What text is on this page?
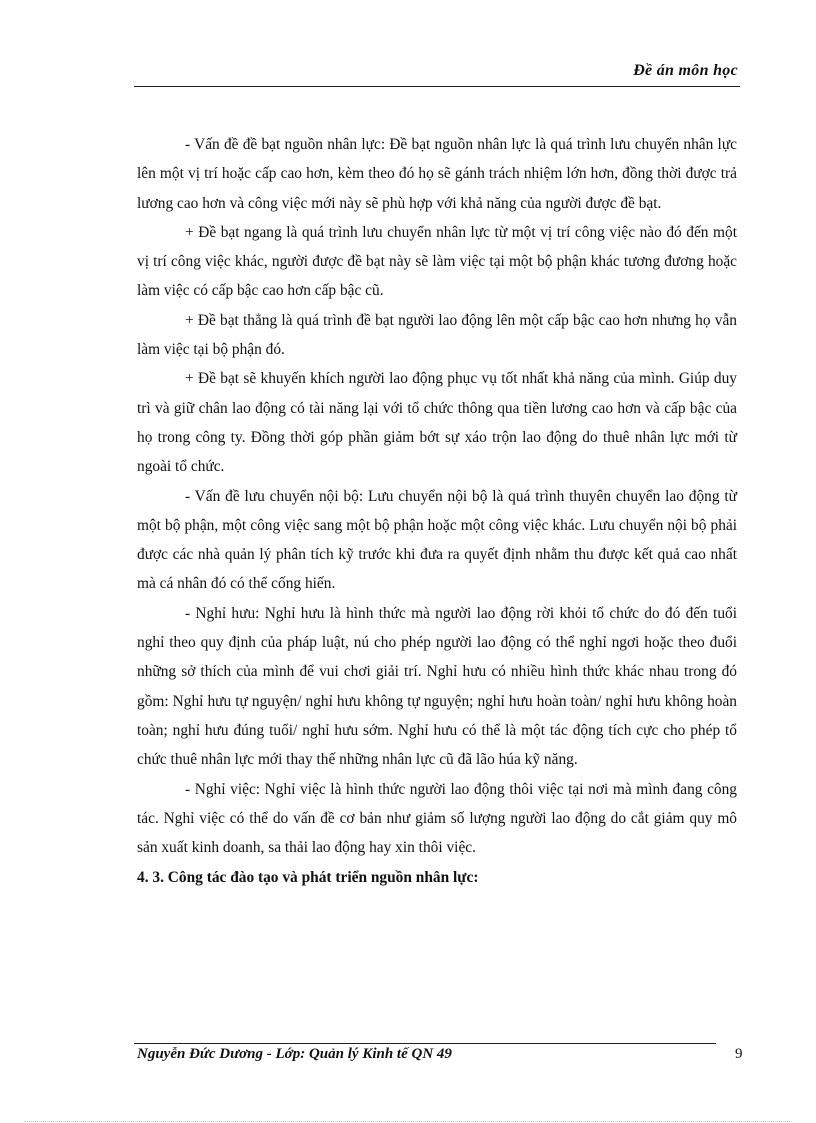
Đề án môn học

- Vấn đề đề bạt nguồn nhân lực: Đề bạt nguồn nhân lực là quá trình lưu chuyển nhân lực lên một vị trí hoặc cấp cao hơn, kèm theo đó họ sẽ gánh trách nhiệm lớn hơn, đồng thời được trả lương cao hơn và công việc mới này sẽ phù hợp với khả năng của người được đề bạt.

+ Đề bạt ngang là quá trình lưu chuyển nhân lực từ một vị trí công việc nào đó đến một vị trí công việc khác, người được đề bạt này sẽ làm việc tại một bộ phận khác tương đương hoặc làm việc có cấp bậc cao hơn cấp bậc cũ.

+ Đề bạt thẳng là quá trình đề bạt người lao động lên một cấp bậc cao hơn nhưng họ vẫn làm việc tại bộ phận đó.

+ Đề bạt sẽ khuyến khích người lao động phục vụ tốt nhất khả năng của mình. Giúp duy trì và giữ chân lao động có tài năng lại với tổ chức thông qua tiền lương cao hơn và cấp bậc của họ trong công ty. Đồng thời góp phần giảm bớt sự xáo trộn lao động do thuê nhân lực mới từ ngoài tổ chức.

- Vấn đề lưu chuyển nội bộ: Lưu chuyển nội bộ là quá trình thuyên chuyển lao động từ một bộ phận, một công việc sang một bộ phận hoặc một công việc khác. Lưu chuyển nội bộ phải được các nhà quản lý phân tích kỹ trước khi đưa ra quyết định nhằm thu được kết quả cao nhất mà cá nhân đó có thể cống hiến.

- Nghỉ hưu: Nghỉ hưu là hình thức mà người lao động rời khỏi tổ chức do đó đến tuổi nghỉ theo quy định của pháp luật, nú cho phép người lao động có thể nghỉ ngơi hoặc theo đuổi những sở thích của mình để vui chơi giải trí. Nghỉ hưu có nhiều hình thức khác nhau trong đó gồm: Nghỉ hưu tự nguyện/ nghỉ hưu không tự nguyện; nghỉ hưu hoàn toàn/ nghỉ hưu không hoàn toàn; nghỉ hưu đúng tuổi/ nghỉ hưu sớm. Nghỉ hưu có thể là một tác động tích cực cho phép tổ chức thuê nhân lực mới thay thế những nhân lực cũ đã lão húa kỹ năng.

- Nghỉ việc: Nghỉ việc là hình thức người lao động thôi việc tại nơi mà mình đang công tác. Nghỉ việc có thể do vấn đề cơ bản như giảm số lượng người lao động do cắt giảm quy mô sản xuất kinh doanh, sa thải lao động hay xin thôi việc.

4. 3. Công tác đào tạo và phát triển nguồn nhân lực:

Nguyễn Đức Dương - Lớp: Quản lý Kinh tế QN 49	9
